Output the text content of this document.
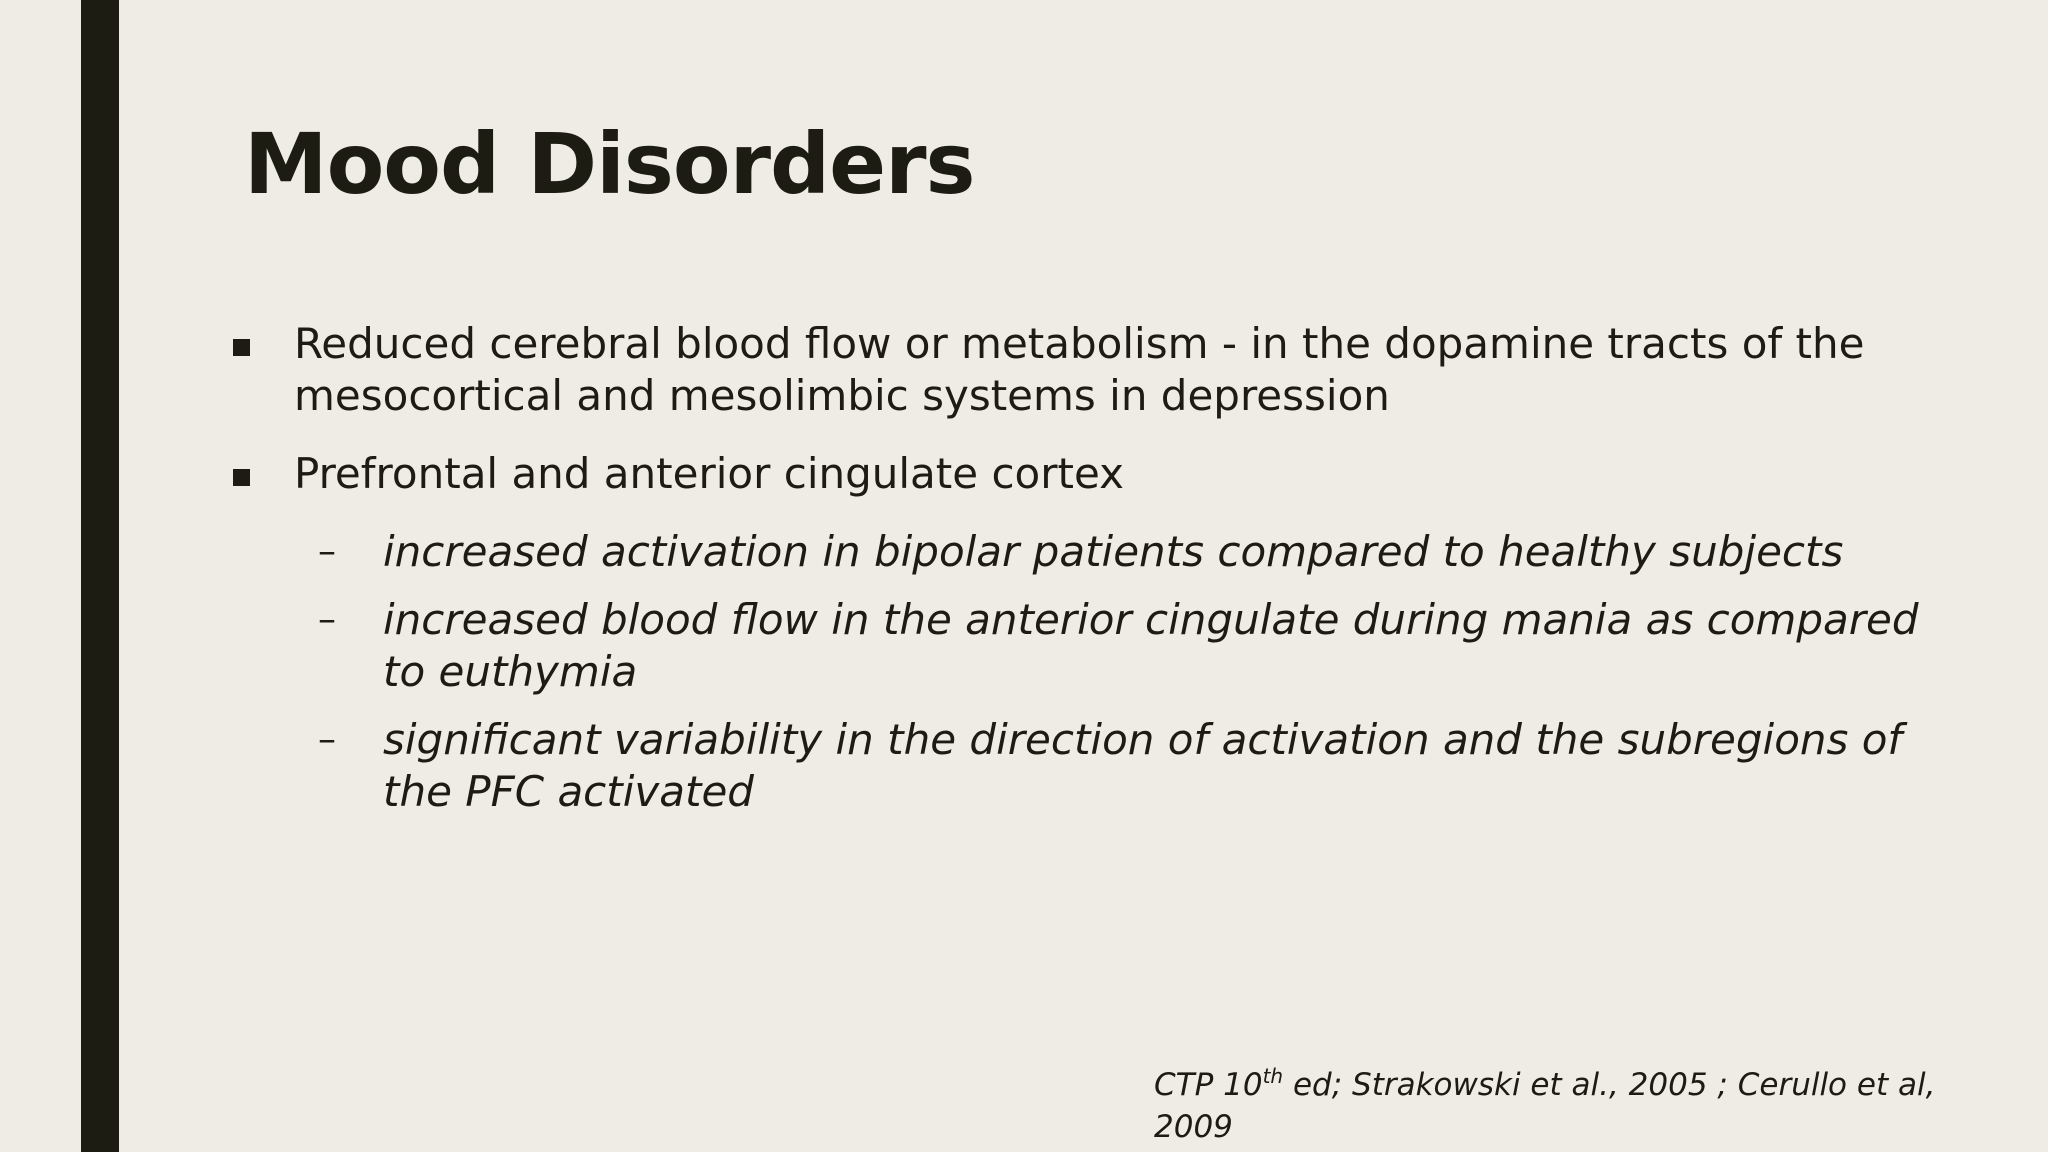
Mood Disorders
Reduced cerebral blood flow or metabolism - in the dopamine tracts of the mesocortical and mesolimbic systems in depression
Prefrontal and anterior cingulate cortex
– increased activation in bipolar patients compared to healthy subjects
– increased blood flow in the anterior cingulate during mania as compared to euthymia
– significant variability in the direction of activation and the subregions of the PFC activated
CTP 10th ed; Strakowski et al., 2005 ; Cerullo et al, 2009
